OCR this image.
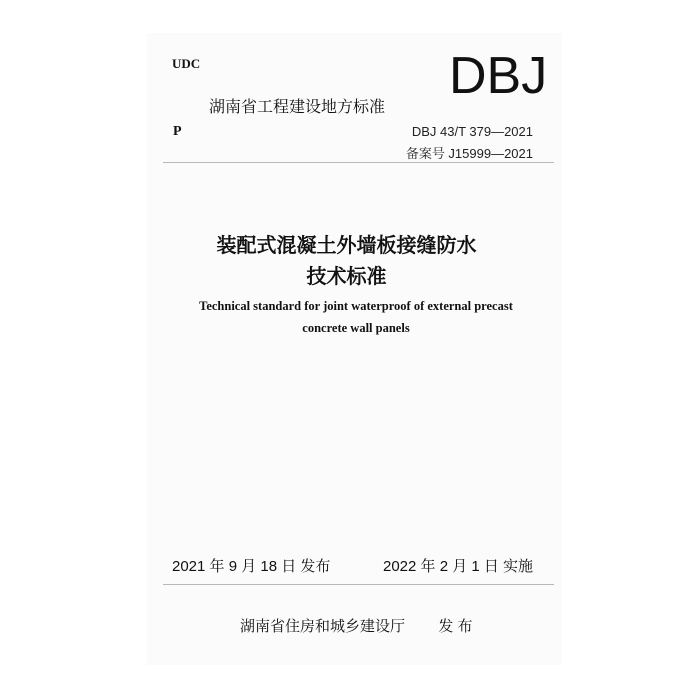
UDC	DBJ
湖南省工程建设地方标准
P	DBJ 43/T 379—2021
备案号 J15999—2021
装配式混凝土外墙板接缝防水
技术标准
Technical standard for joint waterproof of external precast
concrete wall panels
2021 年 9 月 18 日 发布	2022 年 2 月 1 日 实施
湖南省住房和城乡建设厅        发 布
